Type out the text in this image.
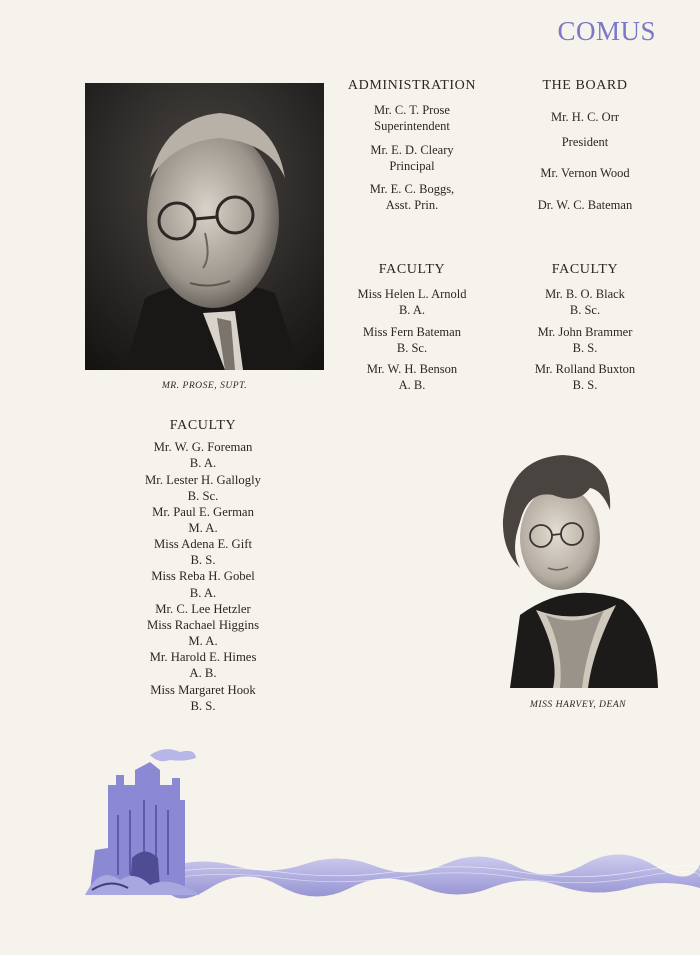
COMUS
MR. PROSE, SUPT.
ADMINISTRATION
Mr. C. T. Prose
Superintendent
Mr. E. D. Cleary
Principal
Mr. E. C. Boggs,
Asst. Prin.
THE BOARD
Mr. H. C. Orr
President
Mr. Vernon Wood
Dr. W. C. Bateman
FACULTY
Miss Helen L. Arnold
B. A.
Miss Fern Bateman
B. Sc.
Mr. W. H. Benson
A. B.
FACULTY
Mr. B. O. Black
B. Sc.
Mr. John Brammer
B. S.
Mr. Rolland Buxton
B. S.
FACULTY
Mr. W. G. Foreman
B. A.
Mr. Lester H. Gallogly
B. Sc.
Mr. Paul E. German
M. A.
Miss Adena E. Gift
B. S.
Miss Reba H. Gobel
B. A.
Mr. C. Lee Hetzler
Miss Rachael Higgins
M. A.
Mr. Harold E. Himes
A. B.
Miss Margaret Hook
B. S.	MISS HARVEY, DEAN
